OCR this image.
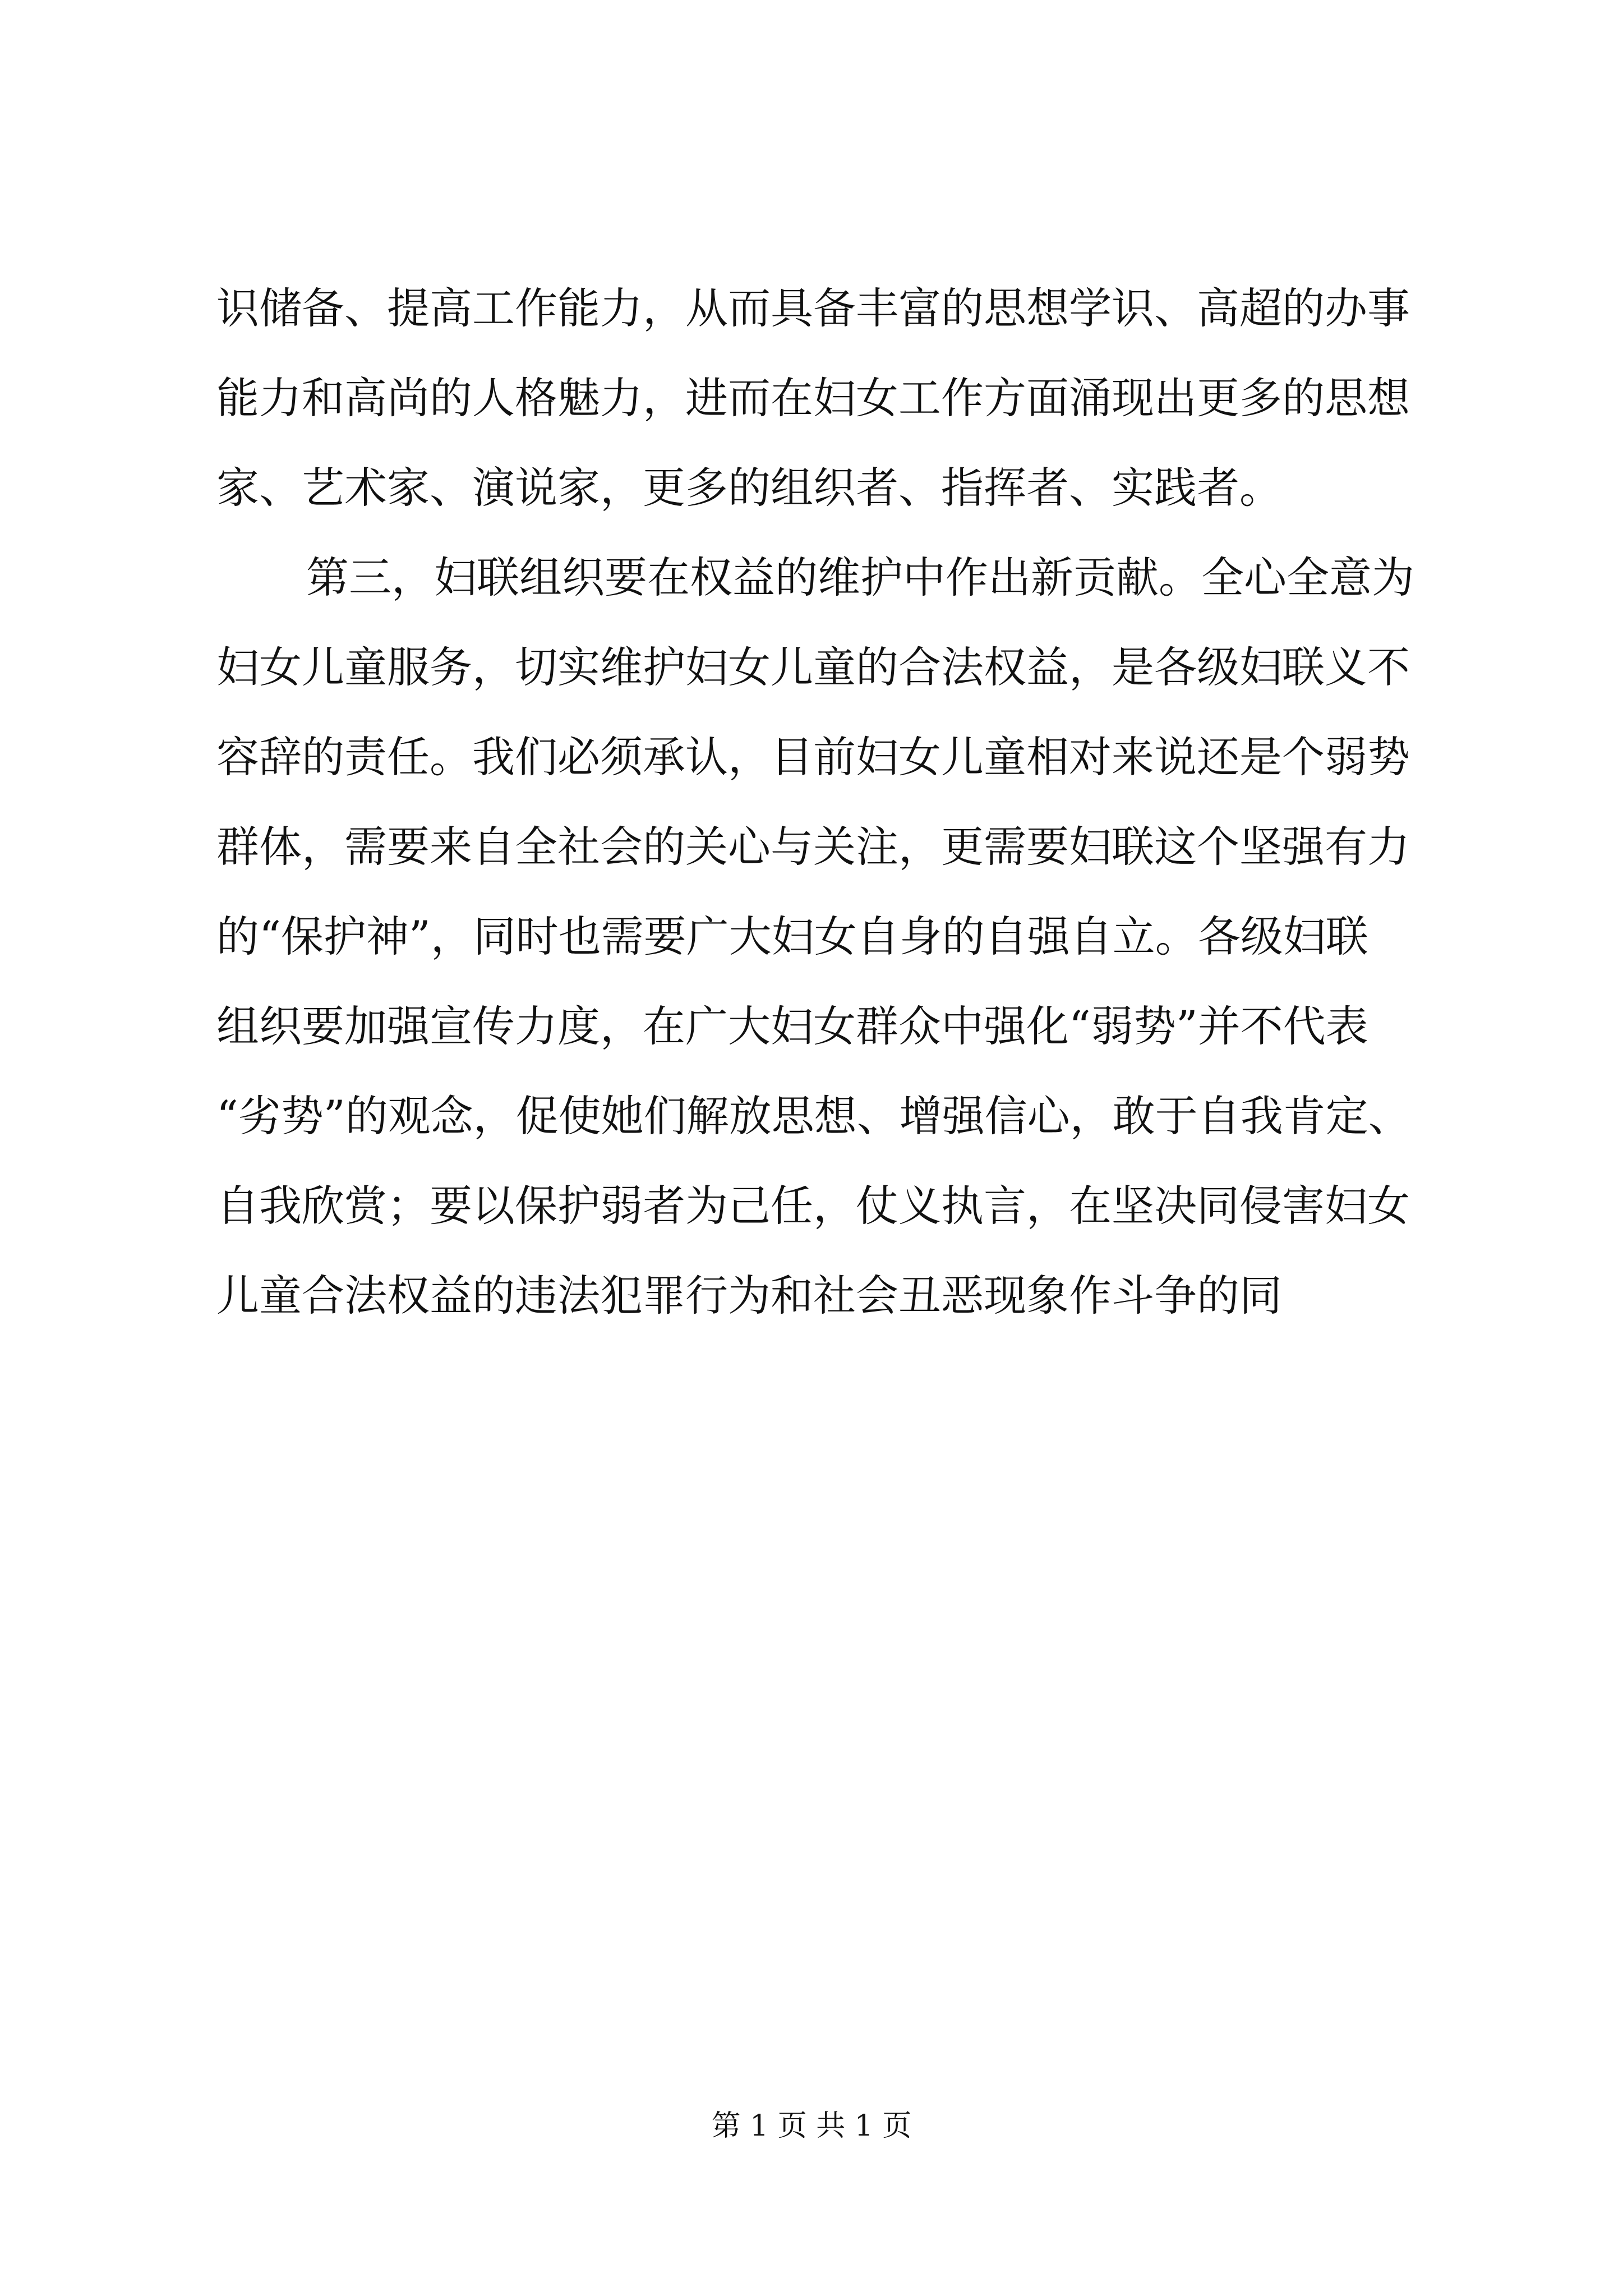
识储备、提高工作能力，从而具备丰富的思想学识、高超的办事
能力和高尚的人格魅力，进而在妇女工作方面涌现出更多的思想
家、艺术家、演说家，更多的组织者、指挥者、实践者。
第三，妇联组织要在权益的维护中作出新贡献。全心全意为
妇女儿童服务，切实维护妇女儿童的合法权益，是各级妇联义不
容辞的责任。我们必须承认，目前妇女儿童相对来说还是个弱势
群体，需要来自全社会的关心与关注，更需要妇联这个坚强有力
的“保护神”，同时也需要广大妇女自身的自强自立。各级妇联
组织要加强宣传力度，在广大妇女群众中强化“弱势”并不代表
“劣势”的观念，促使她们解放思想、增强信心，敢于自我肯定、
自我欣赏；要以保护弱者为己任，仗义执言，在坚决同侵害妇女
儿童合法权益的违法犯罪行为和社会丑恶现象作斗争的同
第 1 页 共 1 页
